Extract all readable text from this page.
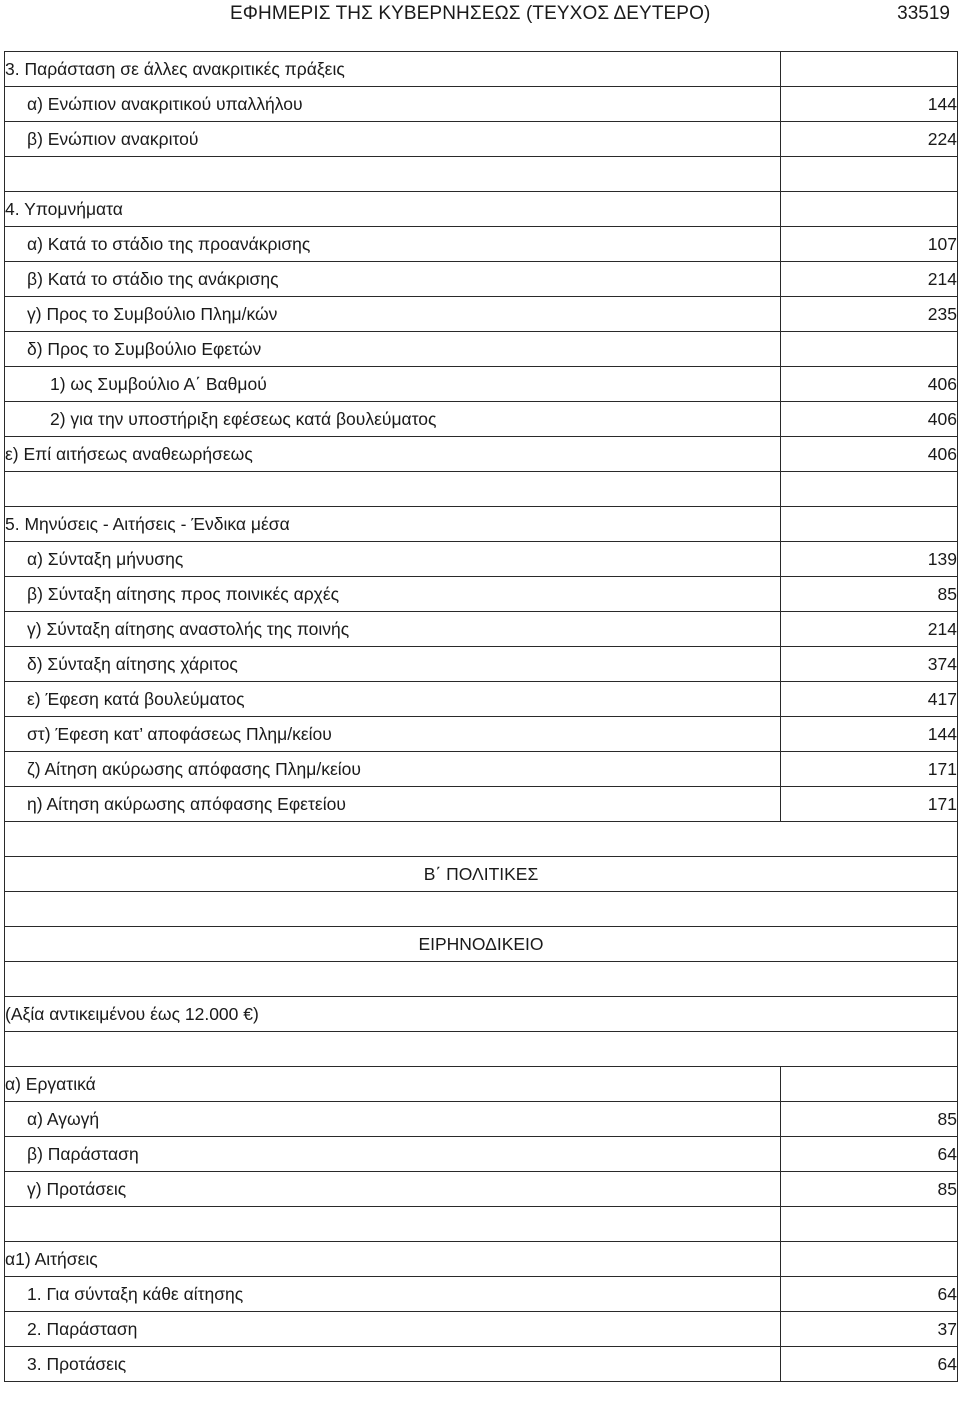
ΕΦΗΜΕΡΙΣ ΤΗΣ ΚΥΒΕΡΝΗΣΕΩΣ (ΤΕΥΧΟΣ ΔΕΥΤΕΡΟ)	33519
3. Παράσταση σε άλλες ανακριτικές πράξεις	
α) Ενώπιον ανακριτικού υπαλλήλου	144
β) Ενώπιον ανακριτού	224

4. Υπομνήματα	
α) Κατά το στάδιο της προανάκρισης	107
β) Κατά το στάδιο της ανάκρισης	214
γ) Προς το Συμβούλιο Πλημ/κών	235
δ) Προς το Συμβούλιο Εφετών	
1) ως Συμβούλιο Α΄ Βαθμού	406
2) για την υποστήριξη εφέσεως κατά βουλεύματος	406
ε) Επί αιτήσεως αναθεωρήσεως	406

5. Μηνύσεις - Αιτήσεις - Ένδικα μέσα	
α) Σύνταξη μήνυσης	139
β) Σύνταξη αίτησης προς ποινικές αρχές	85
γ) Σύνταξη αίτησης αναστολής της ποινής	214
δ) Σύνταξη αίτησης χάριτος	374
ε) Έφεση κατά βουλεύματος	417
στ) Έφεση κατ’ αποφάσεως Πλημ/κείου	144
ζ) Αίτηση ακύρωσης απόφασης Πλημ/κείου	171
η) Αίτηση ακύρωσης απόφασης Εφετείου	171

Β΄ ΠΟΛΙΤΙΚΕΣ	

ΕΙΡΗΝΟΔΙΚΕΙΟ	

(Αξία αντικειμένου έως 12.000 €)	

α) Εργατικά	
α) Αγωγή	85
β) Παράσταση	64
γ) Προτάσεις	85

α1) Αιτήσεις	
1. Για σύνταξη κάθε αίτησης	64
2. Παράσταση	37
3. Προτάσεις	64
